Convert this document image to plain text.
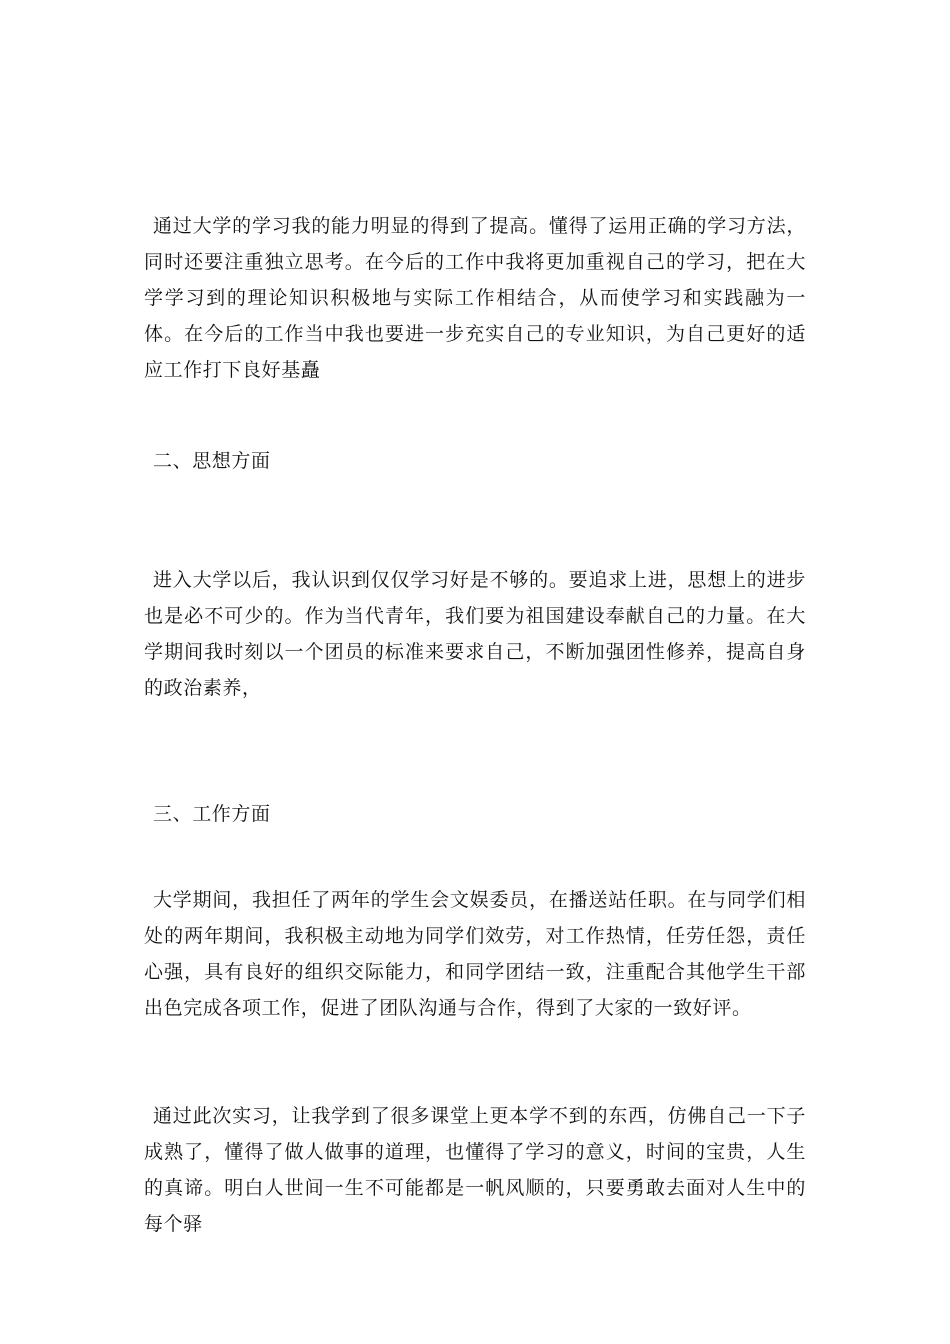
通过大学的学习我的能力明显的得到了提高。懂得了运用正确的学习方法，同时还要注重独立思考。在今后的工作中我将更加重视自己的学习，把在大学学习到的理论知识积极地与实际工作相结合，从而使学习和实践融为一体。在今后的工作当中我也要进一步充实自己的专业知识，为自己更好的适应工作打下良好基矗

二、思想方面

进入大学以后，我认识到仅仅学习好是不够的。要追求上进，思想上的进步也是必不可少的。作为当代青年，我们要为祖国建设奉献自己的力量。在大学期间我时刻以一个团员的标准来要求自己，不断加强团性修养，提高自身的政治素养，

三、工作方面

大学期间，我担任了两年的学生会文娱委员，在播送站任职。在与同学们相处的两年期间，我积极主动地为同学们效劳，对工作热情，任劳任怨，责任心强，具有良好的组织交际能力，和同学团结一致，注重配合其他学生干部出色完成各项工作，促进了团队沟通与合作，得到了大家的一致好评。

通过此次实习，让我学到了很多课堂上更本学不到的东西，仿佛自己一下子成熟了，懂得了做人做事的道理，也懂得了学习的意义，时间的宝贵，人生的真谛。明白人世间一生不可能都是一帆风顺的，只要勇敢去面对人生中的每个驿
